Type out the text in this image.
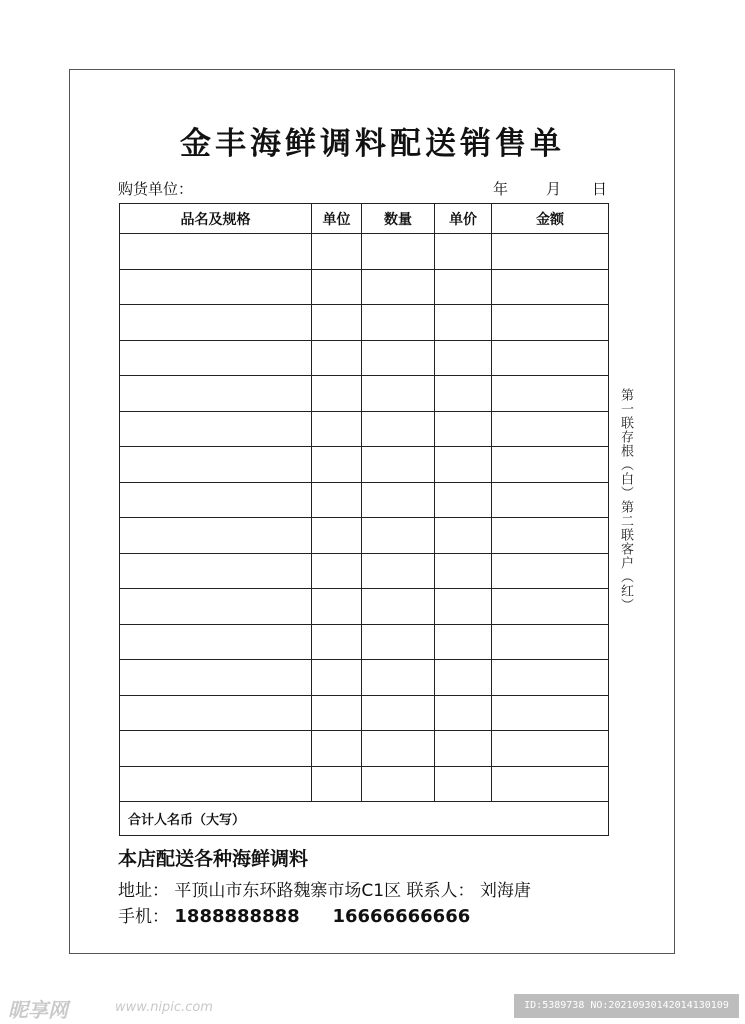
金丰海鲜调料配送销售单
购货单位：	年	月 日
品名及规格	单位	数量	单价	金额

合计人名币（大写）				
第一联存根（白）第二联客户（红）
本店配送各种海鲜调料
地址： 平顶山市东环路魏寨市场C1区 联系人： 刘海唐
手机： 1888888888 16666666666
昵享网	www.nipic.com	ID:5389738 NO:20210930142014130109
